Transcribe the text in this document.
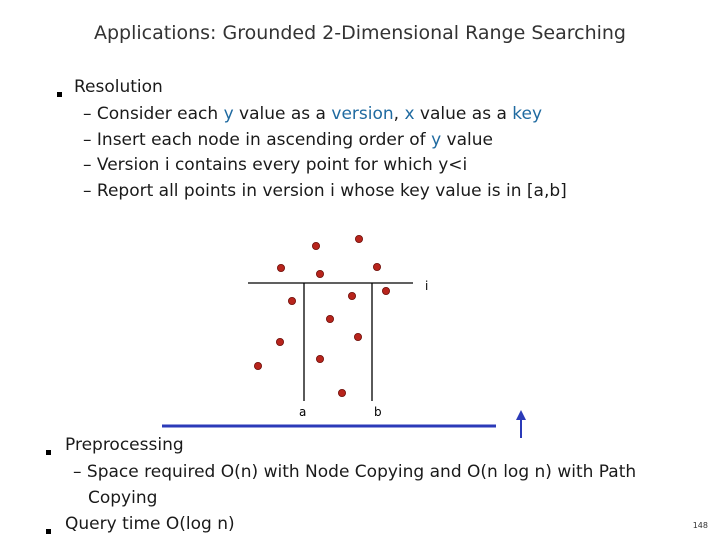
Applications: Grounded 2-Dimensional Range Searching
Resolution
– Consider each y value as a version, x value as a key
– Insert each node in ascending order of y value
– Version i contains every point for which y<i
– Report all points in version i whose key value is in [a,b]
i
a	b
Preprocessing
– Space required O(n) with Node Copying and O(n log n) with Path
Copying
Query time O(log n)	148
